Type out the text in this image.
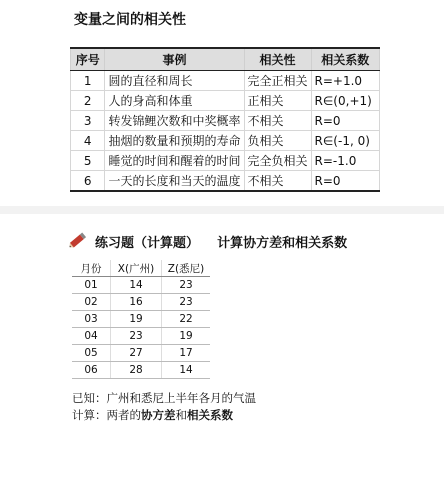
变量之间的相关性
序号	事例	相关性	相关系数
1	圆的直径和周长	完全正相关	R=+1.0
2	人的身高和体重	正相关	R∈(0,+1)
3	转发锦鲤次数和中奖概率	不相关	R=0
4	抽烟的数量和预期的寿命	负相关	R∈(-1, 0)
5	睡觉的时间和醒着的时间	完全负相关	R=-1.0
6	一天的长度和当天的温度	不相关	R=0
练习题（计算题）    计算协方差和相关系数
月份	X(广州)	Z(悉尼)
01	14	23
02	16	23
03	19	22
04	23	19
05	27	17
06	28	14
已知：广州和悉尼上半年各月的气温
计算：两者的协方差和相关系数
